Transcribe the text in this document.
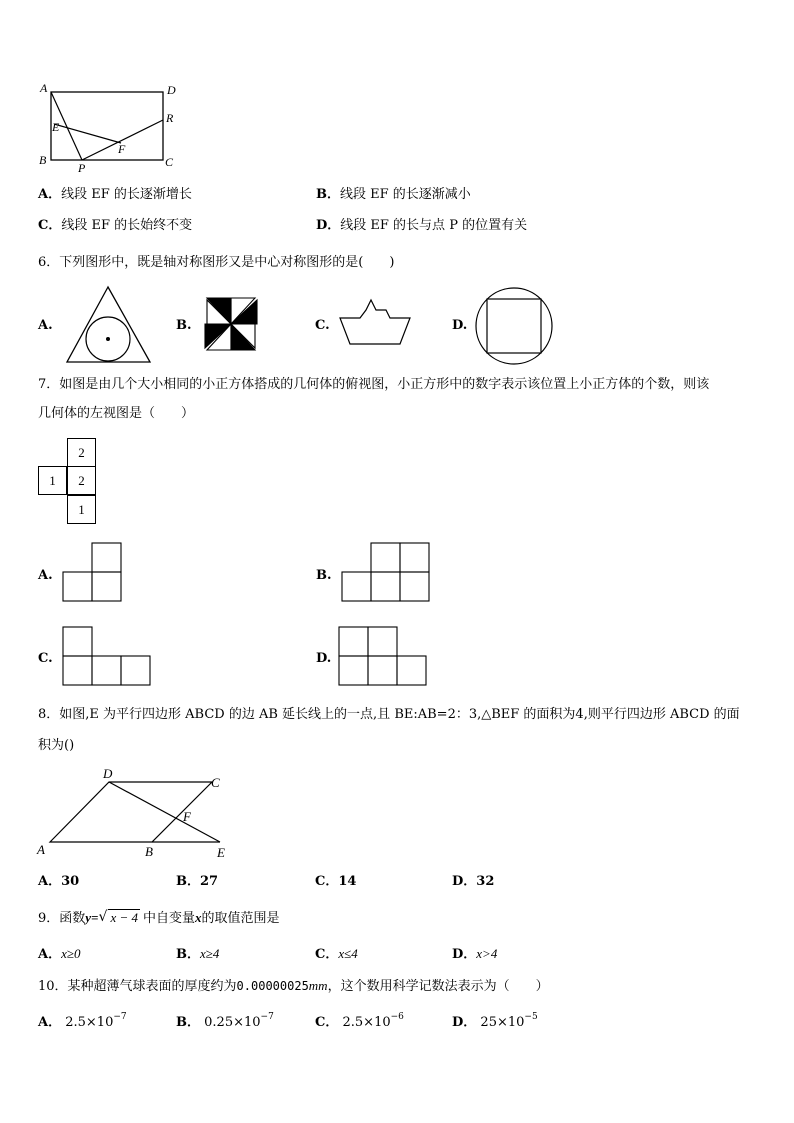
A	D
E
R
F
B
P	C
A．线段 EF 的长逐渐增长	B．线段 EF 的长逐渐减小
C．线段 EF 的长始终不变	D．线段 EF 的长与点 P 的位置有关
6．下列图形中，既是轴对称图形又是中心对称图形的是(　　)
A.	B.	C.	D.
7．如图是由几个大小相同的小正方体搭成的几何体的俯视图，小正方形中的数字表示该位置上小正方体的个数，则该
几何体的左视图是（　　）
2
1	2
1
A.	B.
C.	D.
8．如图,E 为平行四边形 ABCD 的边 AB 延长线上的一点,且 BE:AB=2：3,△BEF 的面积为4,则平行四边形 ABCD 的面
积为()
D
C
F
A	B	E
A．30	B．27	C．14	D．32
9．函数y= √ x − 4 中自变量x的取值范围是
A．x≥0	B．x≥4	C．x≤4	D．x>4
10．某种超薄气球表面的厚度约为0.00000025mm，这个数用科学记数法表示为（　　）
A． $2.5\times 10^{-7}$	B． $0.25\times 10^{-7}$	C． $2.5\times 10^{-6}$	D． $25\times 10^{-5}$
